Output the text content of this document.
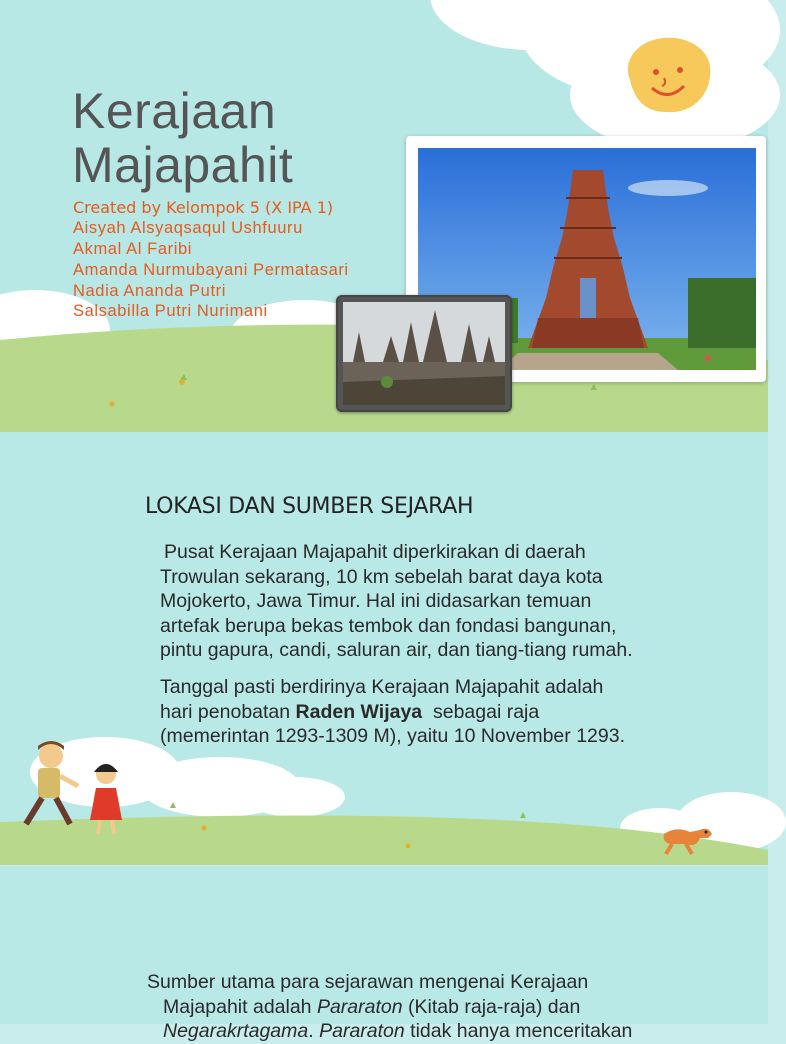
Kerajaan
Majapahit
Created by Kelompok 5 (X IPA 1)
Aisyah Alsyaqsaqul Ushfuuru
Akmal Al Faribi
Amanda Nurmubayani Permatasari
Nadia Ananda Putri
Salsabilla Putri Nurimani
LOKASI DAN SUMBER SEJARAH
Pusat Kerajaan Majapahit diperkirakan di daerah
Trowulan sekarang, 10 km sebelah barat daya kota
Mojokerto, Jawa Timur. Hal ini didasarkan temuan
artefak berupa bekas tembok dan fondasi bangunan,
pintu gapura, candi, saluran air, dan tiang-tiang rumah.
Tanggal pasti berdirinya Kerajaan Majapahit adalah
hari penobatan Raden Wijaya  sebagai raja
(memerintan 1293-1309 M), yaitu 10 November 1293.
Sumber utama para sejarawan mengenai Kerajaan
Majapahit adalah Pararaton (Kitab raja-raja) dan
Negarakrtagama. Pararaton tidak hanya menceritakan
